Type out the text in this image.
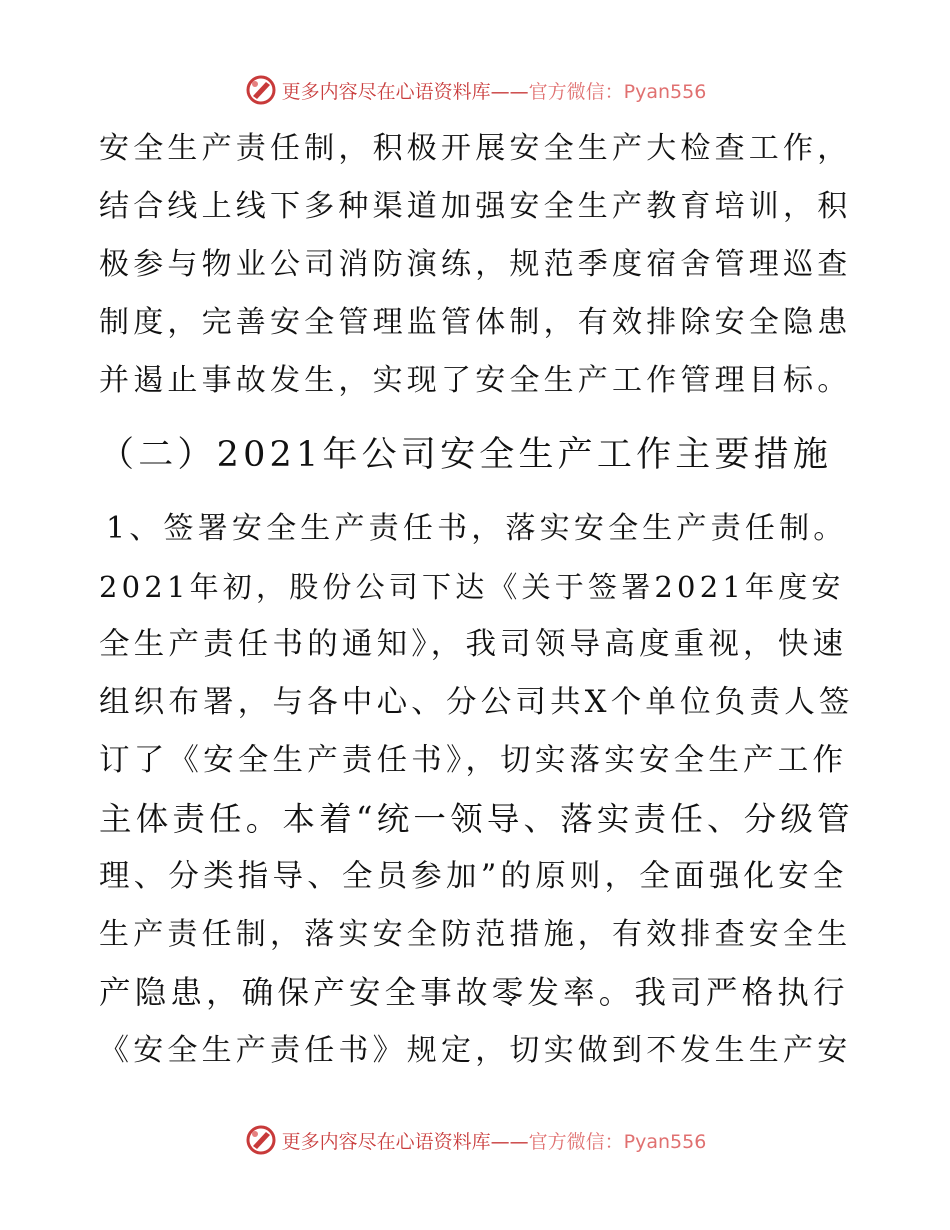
更多内容尽在心语资料库——官方微信：Pyan556
安全生产责任制，积极开展安全生产大检查工作，
结合线上线下多种渠道加强安全生产教育培训，积
极参与物业公司消防演练，规范季度宿舍管理巡查
制度，完善安全管理监管体制，有效排除安全隐患
并遏止事故发生，实现了安全生产工作管理目标。
（二）2021年公司安全生产工作主要措施
1、签署安全生产责任书，落实安全生产责任制。
2021年初，股份公司下达《关于签署2021年度安
全生产责任书的通知》，我司领导高度重视，快速
组织布署，与各中心、分公司共X个单位负责人签
订了《安全生产责任书》，切实落实安全生产工作
主体责任。本着“统一领导、落实责任、分级管
理、分类指导、全员参加”的原则，全面强化安全
生产责任制，落实安全防范措施，有效排查安全生
产隐患，确保产安全事故零发率。我司严格执行
《安全生产责任书》规定，切实做到不发生生产安
更多内容尽在心语资料库——官方微信：Pyan556
